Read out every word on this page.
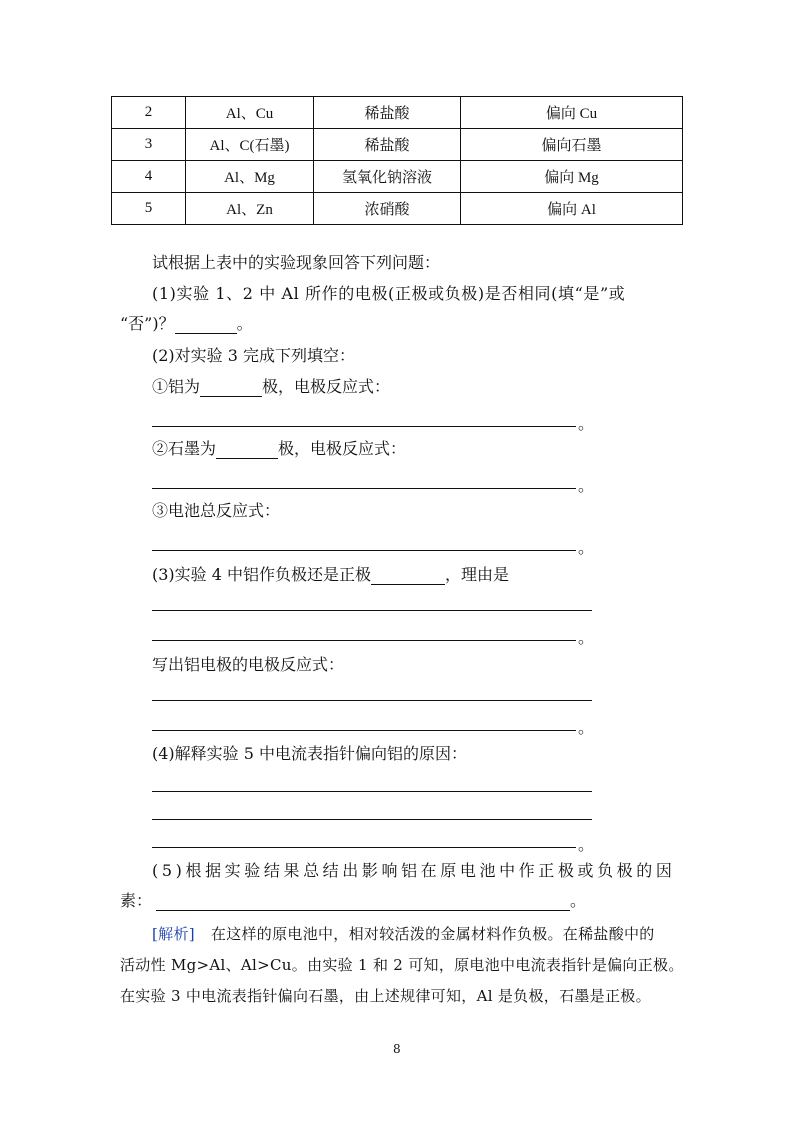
2	Al、Cu	稀盐酸	偏向 Cu
3	Al、C(石墨)	稀盐酸	偏向石墨
4	Al、Mg	氢氧化钠溶液	偏向 Mg
5	Al、Zn	浓硝酸	偏向 Al
试根据上表中的实验现象回答下列问题：
(1)实验 1、2 中 Al 所作的电极(正极或负极)是否相同(填“是”或
“否”)？	。
(2)对实验 3 完成下列填空：
①铝为	极，电极反应式：
。
②石墨为	极，电极反应式：
。
③电池总反应式：
。
(3)实验 4 中铝作负极还是正极	，理由是
。
写出铝电极的电极反应式：
。
(4)解释实验 5 中电流表指针偏向铝的原因：
。
(5)根据实验结果总结出影响铝在原电池中作正极或负极的因
素：	。
[解析] 在这样的原电池中，相对较活泼的金属材料作负极。在稀盐酸中的
活动性 Mg>Al、Al>Cu。由实验 1 和 2 可知，原电池中电流表指针是偏向正极。
在实验 3 中电流表指针偏向石墨，由上述规律可知，Al 是负极，石墨是正极。
8
